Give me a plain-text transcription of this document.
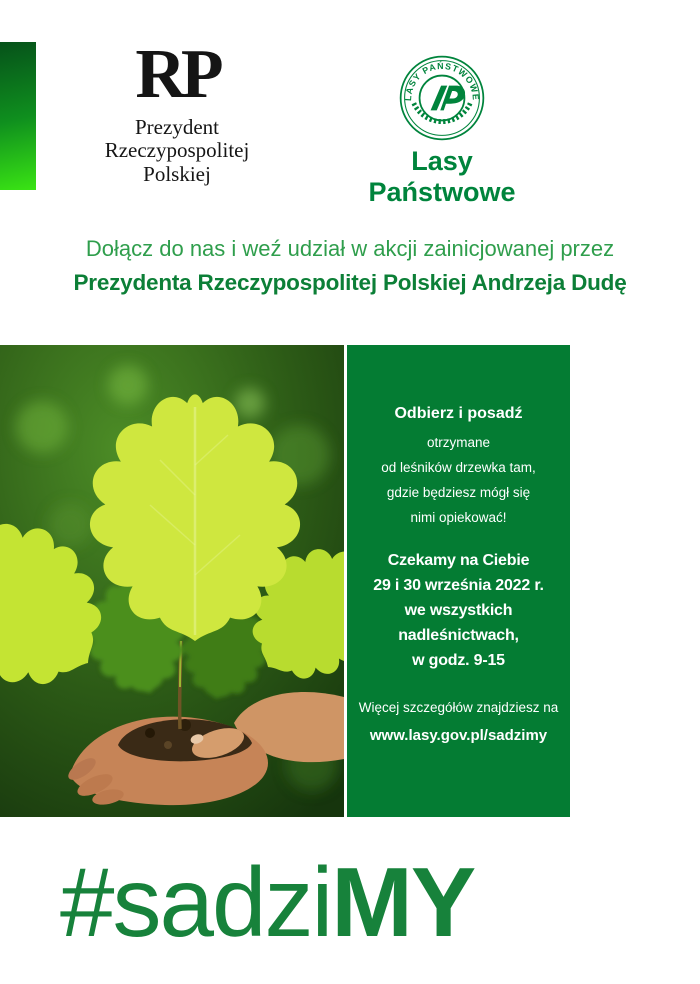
RP
Prezydent
Rzeczypospolitej
Polskiej
LASY PAŃSTWOWE
Lasy Państwowe
Dołącz do nas i weź udział w akcji zainicjowanej przez
Prezydenta Rzeczypospolitej Polskiej Andrzeja Dudę
Odbierz i posadź
otrzymane
od leśników drzewka tam,
gdzie będziesz mógł się
nimi opiekować!
Czekamy na Ciebie
29 i 30 września 2022 r.
we wszystkich
nadleśnictwach,
w godz. 9-15
Więcej szczegółów znajdziesz na
www.lasy.gov.pl/sadzimy
#sadziMY
